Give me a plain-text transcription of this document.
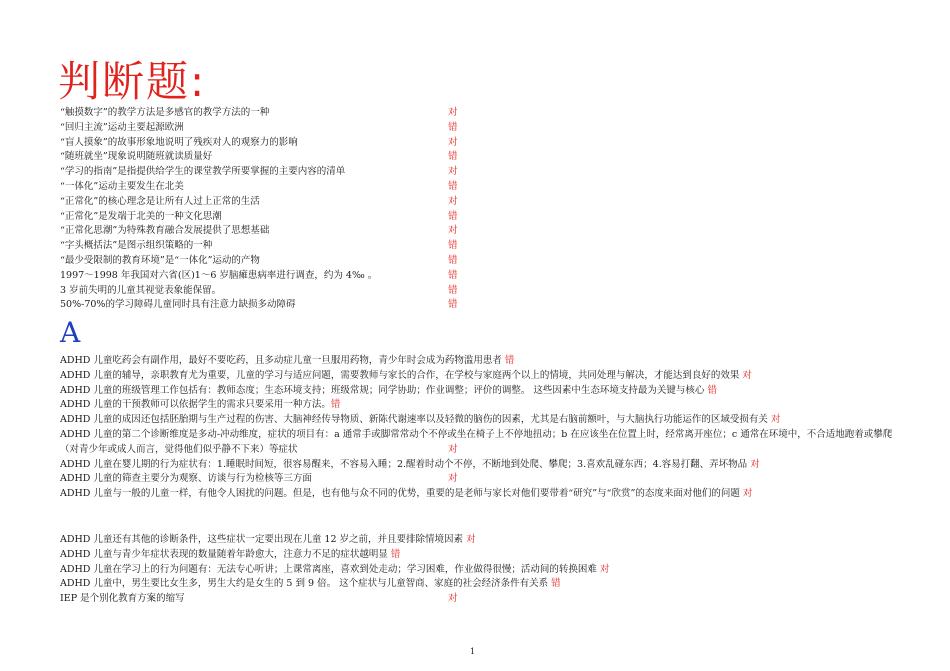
判断题:
“触摸数字”的教学方法是多感官的教学方法的一种	对
“回归主流”运动主要起源欧洲	错
“盲人摸象”的故事形象地说明了残疾对人的观察力的影响	对
“随班就坐”现象说明随班就读质量好	错
“学习的指南”是指提供给学生的课堂教学所要掌握的主要内容的清单	对
“一体化”运动主要发生在北美	错
“正常化”的核心理念是让所有人过上正常的生活	对
“正常化”是发端于北美的一种文化思潮	错
“正常化思潮”为特殊教育融合发展提供了思想基础	对
“字头概括法”是图示组织策略的一种	错
“最少受限制的教育环境”是“一体化”运动的产物	错
1997～1998 年我国对六省(区)1～6 岁脑瘫患病率进行调查，约为 4‰ 。	错
3 岁前失明的儿童其视觉表象能保留。	错
50%-70%的学习障碍儿童同时具有注意力缺损多动障碍	错
A
ADHD 儿童吃药会有副作用，最好不要吃药，且多动症儿童一旦服用药物，青少年时会成为药物滥用患者 错
ADHD 儿童的辅导，亲职教育尤为重要，儿童的学习与适应问题，需要教师与家长的合作，在学校与家庭两个以上的情境，共同处理与解决，才能达到良好的效果 对
ADHD 儿童的班级管理工作包括有：教师态度；生态环境支持；班级常规；同学协助；作业调整；评价的调整。 这些因素中生态环境支持最为关键与核心 错
ADHD 儿童的干预教师可以依据学生的需求只要采用一种方法。错
ADHD 儿童的成因还包括胚胎期与生产过程的伤害、大脑神经传导物质、新陈代谢速率以及轻微的脑伤的因素，尤其是右脑前额叶，与大脑执行功能运作的区域受损有关 对
ADHD 儿童的第二个诊断维度是多动-冲动维度，症状的项目有：a 通常手或脚常常动个不停或坐在椅子上不停地扭动；b 在应该坐在位置上时，经常离开座位；c 通常在环境中，不合适地跑着或攀爬
（对青少年或成人而言，觉得他们似乎静不下来）等症状	对
ADHD 儿童在婴儿期的行为症状有：1.睡眠时间短，很容易醒来，不容易入睡；2.醒着时动个不停，不断地到处爬、攀爬；3.喜欢乱碰东西；4.容易打翻、弄坏物品 对
ADHD 儿童的筛查主要分为观察、访谈与行为检核等三方面	对
ADHD 儿童与一般的儿童一样，有他令人困扰的问题。但是，也有他与众不同的优势，重要的是老师与家长对他们要带着“研究”与“欣赏”的态度来面对他们的问题 对
ADHD 儿童还有其他的诊断条件，这些症状一定要出现在儿童 12 岁之前，并且要排除情境因素 对
ADHD 儿童与青少年症状表现的数量随着年龄愈大，注意力不足的症状越明显 错
ADHD 儿童在学习上的行为问题有：无法专心听讲；上课常离座，喜欢到处走动；学习困难，作业做得很慢；活动间的转换困难 对
ADHD 儿童中，男生要比女生多，男生大约是女生的 5 到 9 倍。 这个症状与儿童智商、家庭的社会经济条件有关系 错
IEP 是个别化教育方案的缩写	对
1
